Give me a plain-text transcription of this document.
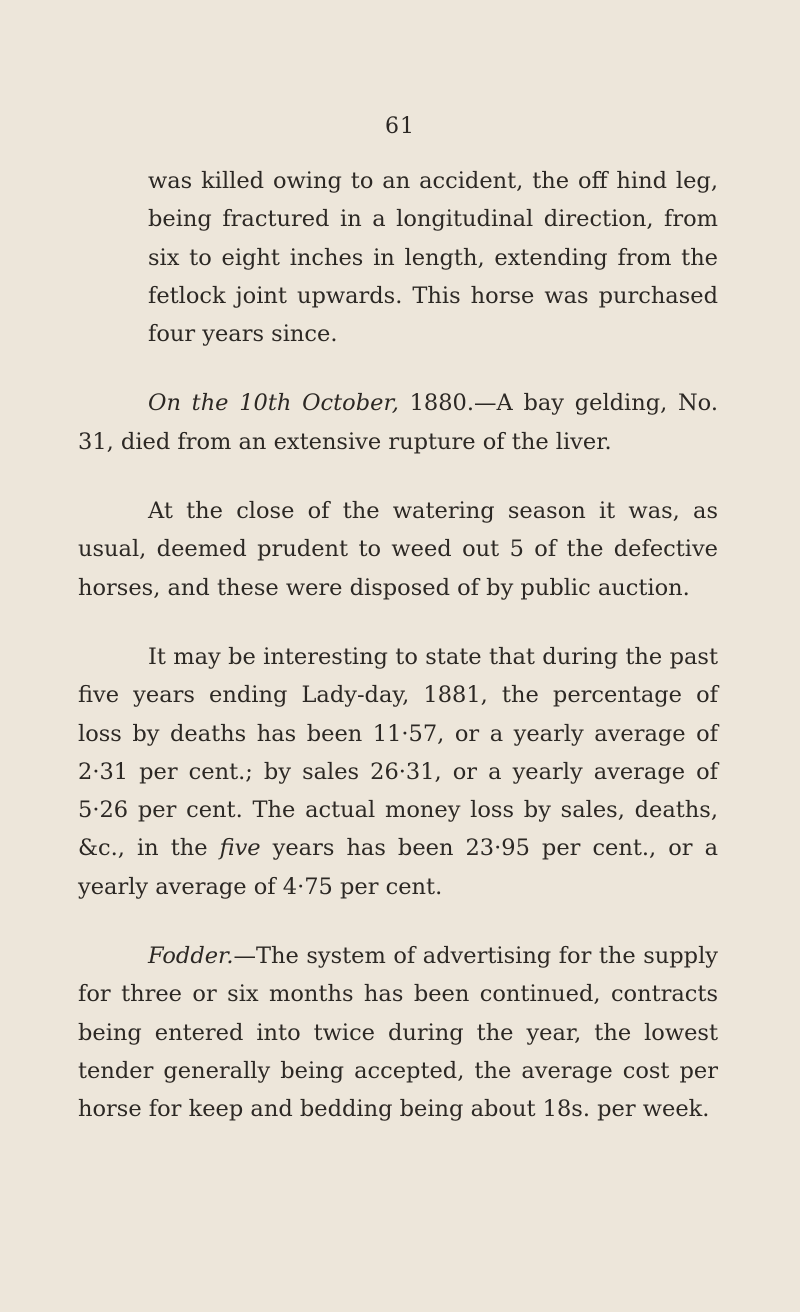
61

was killed owing to an accident, the off hind leg, being fractured in a longitudinal direction, from six to eight inches in length, extending from the fetlock joint upwards. This horse was purchased four years since.

On the 10th October, 1880.—A bay gelding, No. 31, died from an extensive rupture of the liver.

At the close of the watering season it was, as usual, deemed prudent to weed out 5 of the defective horses, and these were disposed of by public auction.

It may be interesting to state that during the past five years ending Lady-day, 1881, the percentage of loss by deaths has been 11·57, or a yearly average of 2·31 per cent.; by sales 26·31, or a yearly average of 5·26 per cent. The actual money loss by sales, deaths, &c., in the five years has been 23·95 per cent., or a yearly average of 4·75 per cent.

Fodder.—The system of advertising for the supply for three or six months has been continued, contracts being entered into twice during the year, the lowest tender generally being accepted, the average cost per horse for keep and bedding being about 18s. per week.
